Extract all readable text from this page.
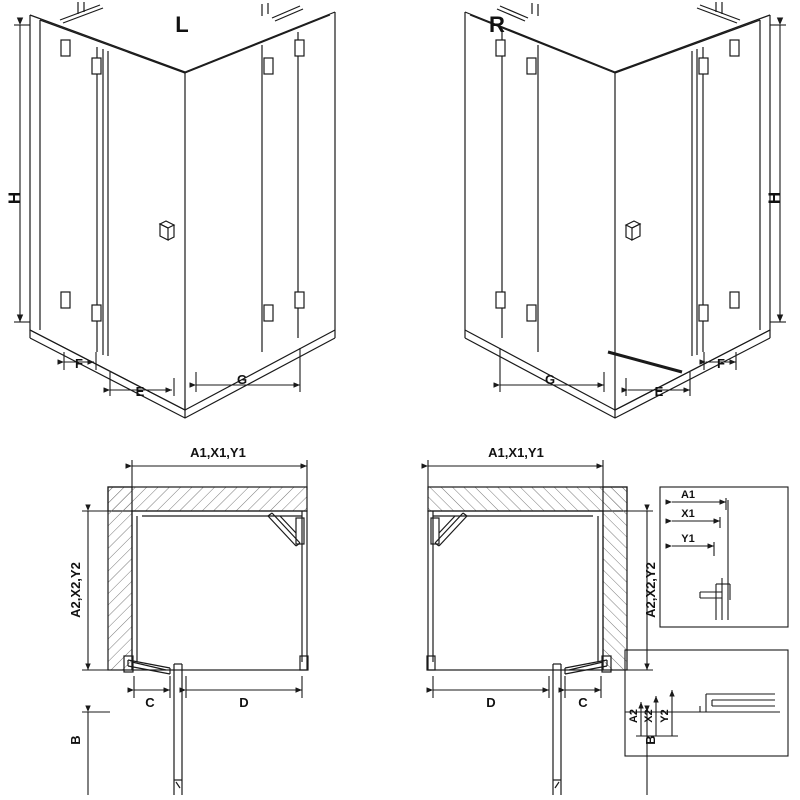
H
L
F
E
G
H
R
F
E
G
A1,X1,Y1
A2,X2,Y2
C	D
B
A1,X1,Y1
A2,X2,Y2
C
D
B
A1
X1
Y1
A2 X2 Y2
